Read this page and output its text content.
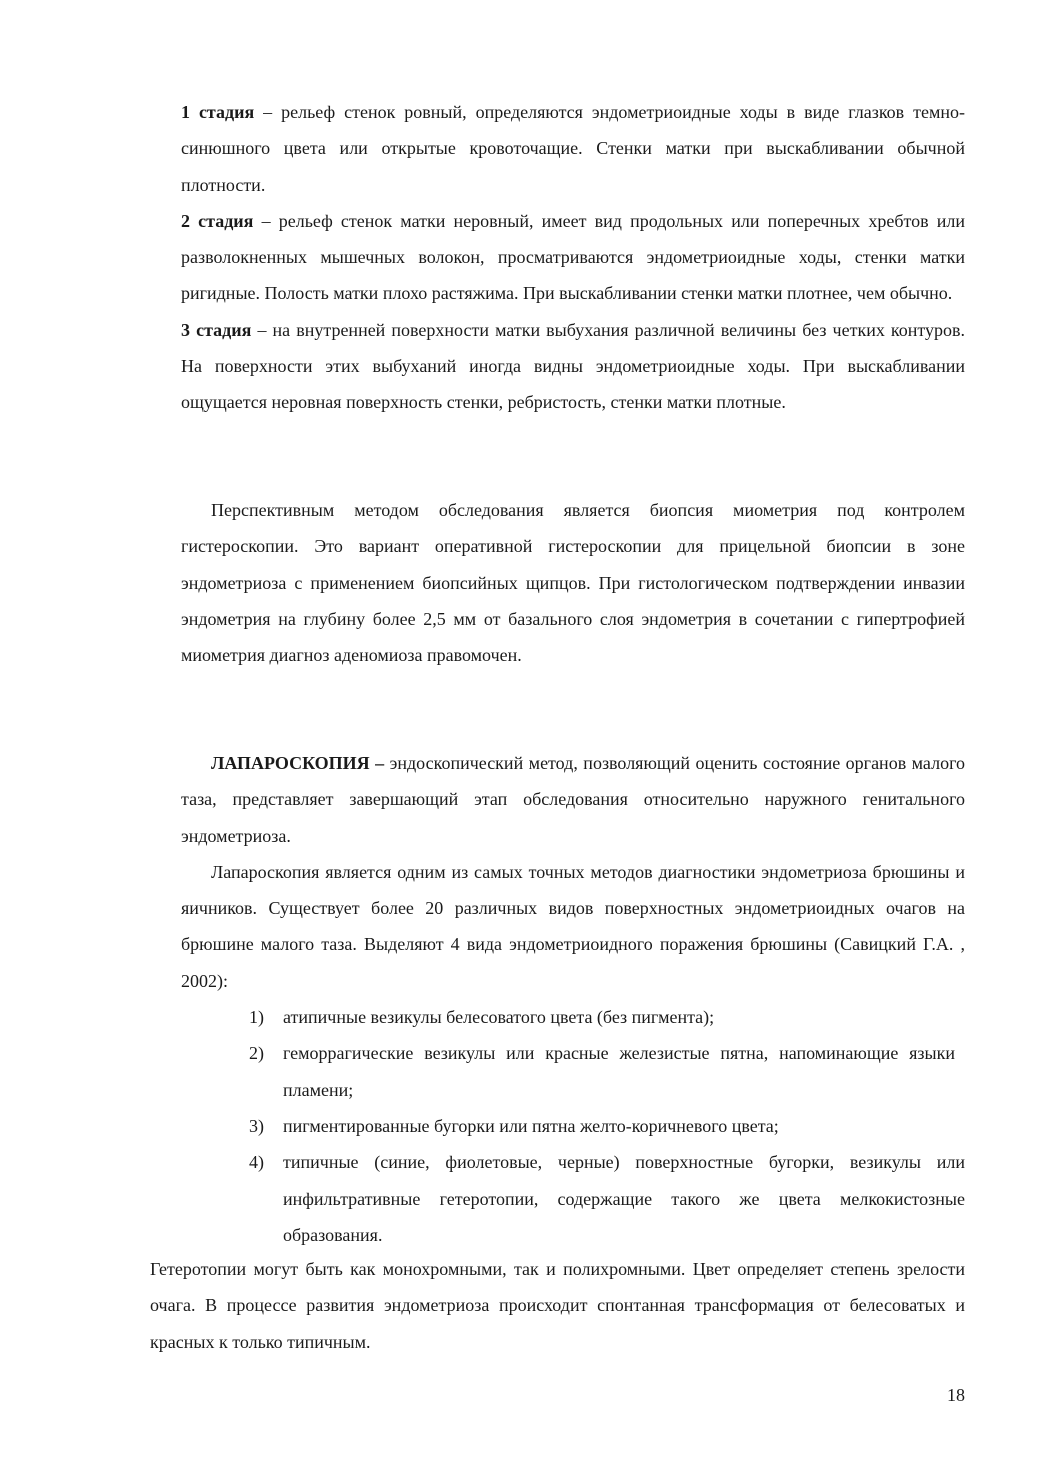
1 стадия – рельеф стенок ровный, определяются эндометриоидные ходы в виде глазков темно-синюшного цвета или открытые кровоточащие. Стенки матки при выскабливании обычной плотности.

2 стадия – рельеф стенок матки неровный, имеет вид продольных или поперечных хребтов или разволокненных мышечных волокон, просматриваются эндометриоидные ходы, стенки матки ригидные. Полость матки плохо растяжима. При выскабливании стенки матки плотнее, чем обычно.

3 стадия – на внутренней поверхности матки выбухания различной величины без четких контуров. На поверхности этих выбуханий иногда видны эндометриоидные ходы. При выскабливании ощущается неровная поверхность стенки, ребристость, стенки матки плотные.

Перспективным методом обследования является биопсия миометрия под контролем гистероскопии. Это вариант оперативной гистероскопии для прицельной биопсии в зоне эндометриоза с применением биопсийных щипцов. При гистологическом подтверждении инвазии эндометрия на глубину более 2,5 мм от базального слоя эндометрия в сочетании с гипертрофией миометрия диагноз аденомиоза правомочен.

ЛАПАРОСКОПИЯ – эндоскопический метод, позволяющий оценить состояние органов малого таза, представляет завершающий этап обследования относительно наружного генитального эндометриоза.

Лапароскопия является одним из самых точных методов диагностики эндометриоза брюшины и яичников. Существует более 20 различных видов поверхностных эндометриоидных очагов на брюшине малого таза. Выделяют 4 вида эндометриоидного поражения брюшины (Савицкий Г.А. , 2002):

1)	атипичные везикулы белесоватого цвета (без пигмента);
2)	геморрагические везикулы или красные железистые пятна, напоминающие языки пламени;
3)	пигментированные бугорки или пятна желто-коричневого цвета;
4)	типичные (синие, фиолетовые, черные) поверхностные бугорки, везикулы или инфильтративные гетеротопии, содержащие такого же цвета мелкокистозные образования.

Гетеротопии могут быть как монохромными, так и полихромными. Цвет определяет степень зрелости очага. В процессе развития эндометриоза происходит спонтанная трансформация от белесоватых и красных к только типичным.

18
